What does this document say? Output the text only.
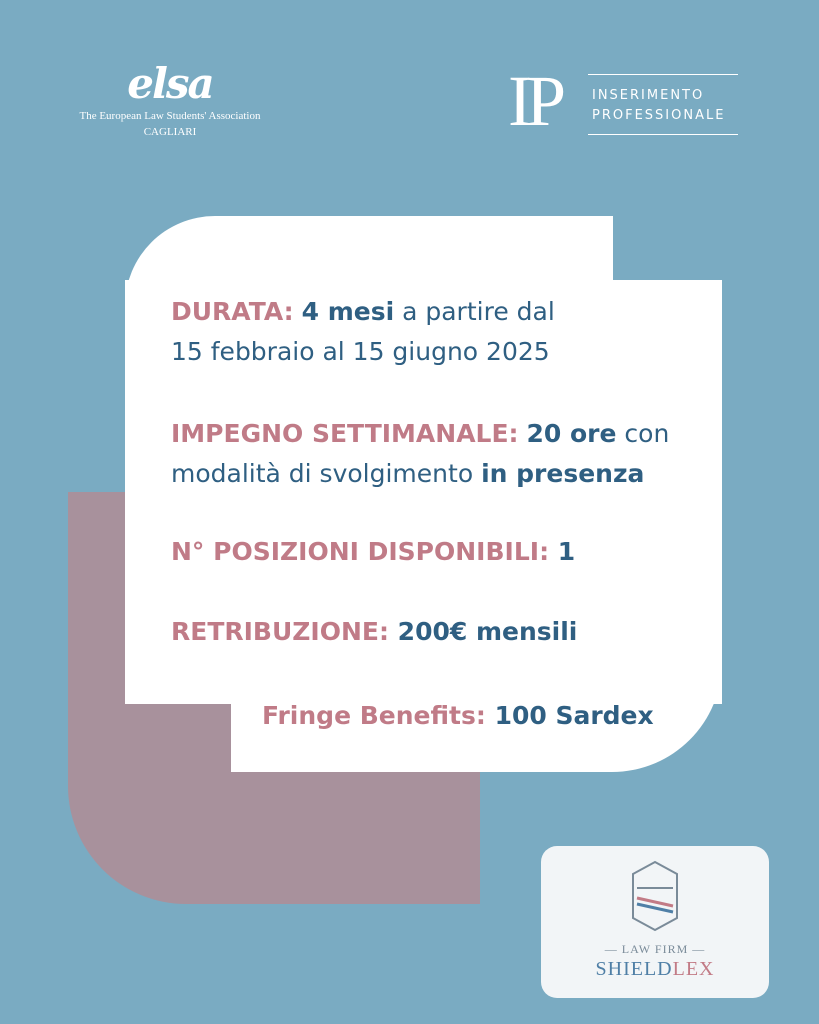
elsa
The European Law Students' Association
CAGLIARI	IP INSERIMENTO
PROFESSIONALE
DURATA: 4 mesi a partire dal
15 febbraio al 15 giugno 2025
IMPEGNO SETTIMANALE: 20 ore con
modalità di svolgimento in presenza
N° POSIZIONI DISPONIBILI: 1
RETRIBUZIONE: 200€ mensili
Fringe Benefits: 100 Sardex
— LAW FIRM —
SHIELDLEX
